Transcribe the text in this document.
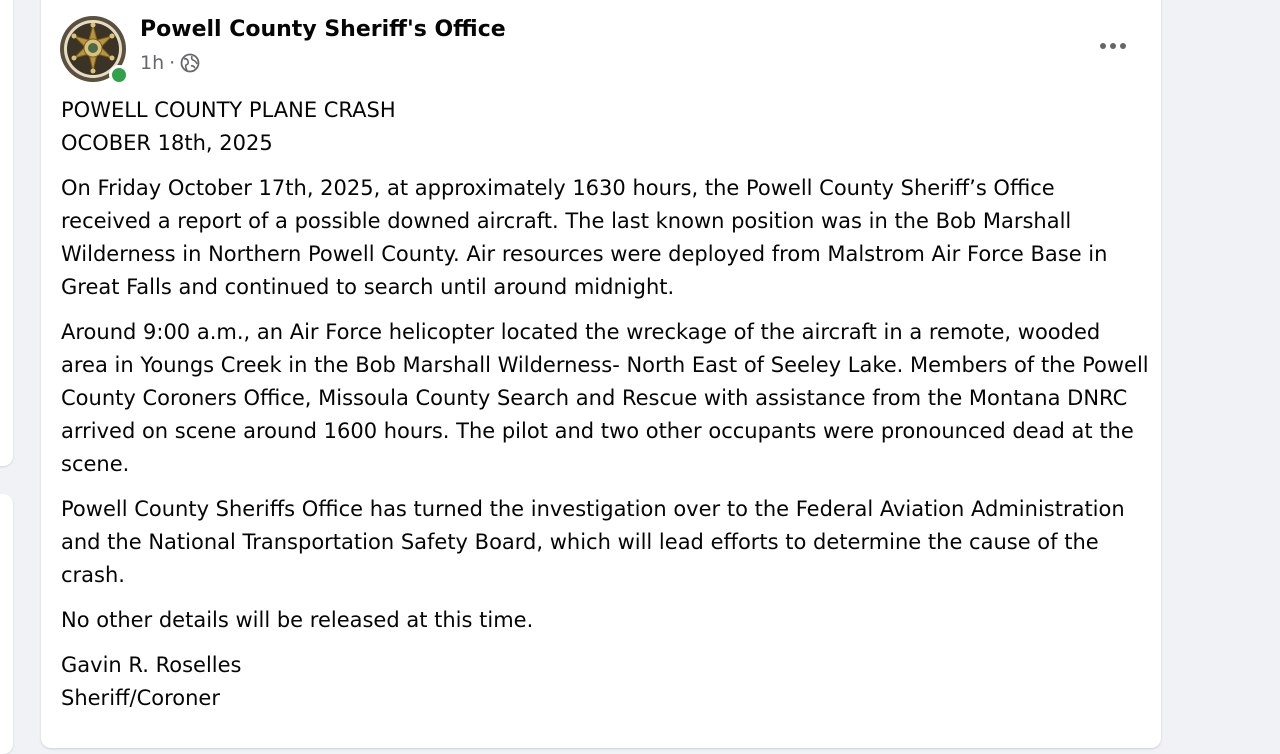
Powell County Sheriff's Office
1h ·

POWELL COUNTY PLANE CRASH
OCOBER 18th, 2025

On Friday October 17th, 2025, at approximately 1630 hours, the Powell County Sheriff’s Office received a report of a possible downed aircraft. The last known position was in the Bob Marshall Wilderness in Northern Powell County. Air resources were deployed from Malstrom Air Force Base in Great Falls and continued to search until around midnight.

Around 9:00 a.m., an Air Force helicopter located the wreckage of the aircraft in a remote, wooded area in Youngs Creek in the Bob Marshall Wilderness- North East of Seeley Lake. Members of the Powell County Coroners Office, Missoula County Search and Rescue with assistance from the Montana DNRC arrived on scene around 1600 hours. The pilot and two other occupants were pronounced dead at the scene.

Powell County Sheriffs Office has turned the investigation over to the Federal Aviation Administration and the National Transportation Safety Board, which will lead efforts to determine the cause of the crash.

No other details will be released at this time.

Gavin R. Roselles
Sheriff/Coroner
